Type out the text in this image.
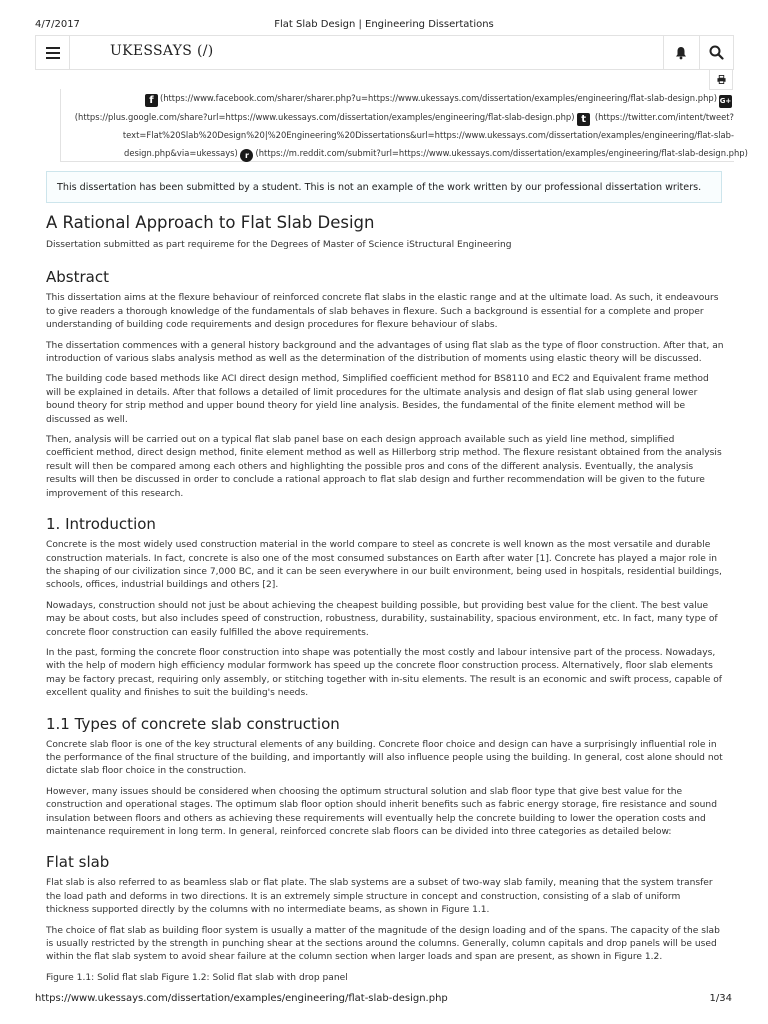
4/7/2017	Flat Slab Design | Engineering Dissertations
UKESSAYS (/)
f (https://www.facebook.com/sharer/sharer.php?u=https://www.ukessays.com/dissertation/examples/engineering/flat-slab-design.php) G+
(https://plus.google.com/share?url=https://www.ukessays.com/dissertation/examples/engineering/flat-slab-design.php) t (https://twitter.com/intent/tweet?
text=Flat%20Slab%20Design%20|%20Engineering%20Dissertations&url=https://www.ukessays.com/dissertation/examples/engineering/flat-slab-
design.php&via=ukessays) r (https://m.reddit.com/submit?url=https://www.ukessays.com/dissertation/examples/engineering/flat-slab-design.php)
This dissertation has been submitted by a student. This is not an example of the work written by our professional dissertation writers.
A Rational Approach to Flat Slab Design

Dissertation submitted as part requireme for the Degrees of Master of Science iStructural Engineering

Abstract

This dissertation aims at the flexure behaviour of reinforced concrete flat slabs in the elastic range and at the ultimate load. As such, it endeavours to give readers a thorough knowledge of the fundamentals of slab behaves in flexure. Such a background is essential for a complete and proper understanding of building code requirements and design procedures for flexure behaviour of slabs.

The dissertation commences with a general history background and the advantages of using flat slab as the type of floor construction. After that, an introduction of various slabs analysis method as well as the determination of the distribution of moments using elastic theory will be discussed.

The building code based methods like ACI direct design method, Simplified coefficient method for BS8110 and EC2 and Equivalent frame method will be explained in details. After that follows a detailed of limit procedures for the ultimate analysis and design of flat slab using general lower bound theory for strip method and upper bound theory for yield line analysis. Besides, the fundamental of the finite element method will be discussed as well.

Then, analysis will be carried out on a typical flat slab panel base on each design approach available such as yield line method, simplified coefficient method, direct design method, finite element method as well as Hillerborg strip method. The flexure resistant obtained from the analysis result will then be compared among each others and highlighting the possible pros and cons of the different analysis. Eventually, the analysis results will then be discussed in order to conclude a rational approach to flat slab design and further recommendation will be given to the future improvement of this research.

1. Introduction

Concrete is the most widely used construction material in the world compare to steel as concrete is well known as the most versatile and durable construction materials. In fact, concrete is also one of the most consumed substances on Earth after water [1]. Concrete has played a major role in the shaping of our civilization since 7,000 BC, and it can be seen everywhere in our built environment, being used in hospitals, residential buildings, schools, offices, industrial buildings and others [2].

Nowadays, construction should not just be about achieving the cheapest building possible, but providing best value for the client. The best value may be about costs, but also includes speed of construction, robustness, durability, sustainability, spacious environment, etc. In fact, many type of concrete floor construction can easily fulfilled the above requirements.

In the past, forming the concrete floor construction into shape was potentially the most costly and labour intensive part of the process. Nowadays, with the help of modern high efficiency modular formwork has speed up the concrete floor construction process. Alternatively, floor slab elements may be factory precast, requiring only assembly, or stitching together with in-situ elements. The result is an economic and swift process, capable of excellent quality and finishes to suit the building's needs.

1.1 Types of concrete slab construction

Concrete slab floor is one of the key structural elements of any building. Concrete floor choice and design can have a surprisingly influential role in the performance of the final structure of the building, and importantly will also influence people using the building. In general, cost alone should not dictate slab floor choice in the construction.

However, many issues should be considered when choosing the optimum structural solution and slab floor type that give best value for the construction and operational stages. The optimum slab floor option should inherit benefits such as fabric energy storage, fire resistance and sound insulation between floors and others as achieving these requirements will eventually help the concrete building to lower the operation costs and maintenance requirement in long term. In general, reinforced concrete slab floors can be divided into three categories as detailed below:

Flat slab

Flat slab is also referred to as beamless slab or flat plate. The slab systems are a subset of two-way slab family, meaning that the system transfer the load path and deforms in two directions. It is an extremely simple structure in concept and construction, consisting of a slab of uniform thickness supported directly by the columns with no intermediate beams, as shown in Figure 1.1.

The choice of flat slab as building floor system is usually a matter of the magnitude of the design loading and of the spans. The capacity of the slab is usually restricted by the strength in punching shear at the sections around the columns. Generally, column capitals and drop panels will be used within the flat slab system to avoid shear failure at the column section when larger loads and span are present, as shown in Figure 1.2.

Figure 1.1: Solid flat slab Figure 1.2: Solid flat slab with drop panel

https://www.ukessays.com/dissertation/examples/engineering/flat-slab-design.php	1/34
